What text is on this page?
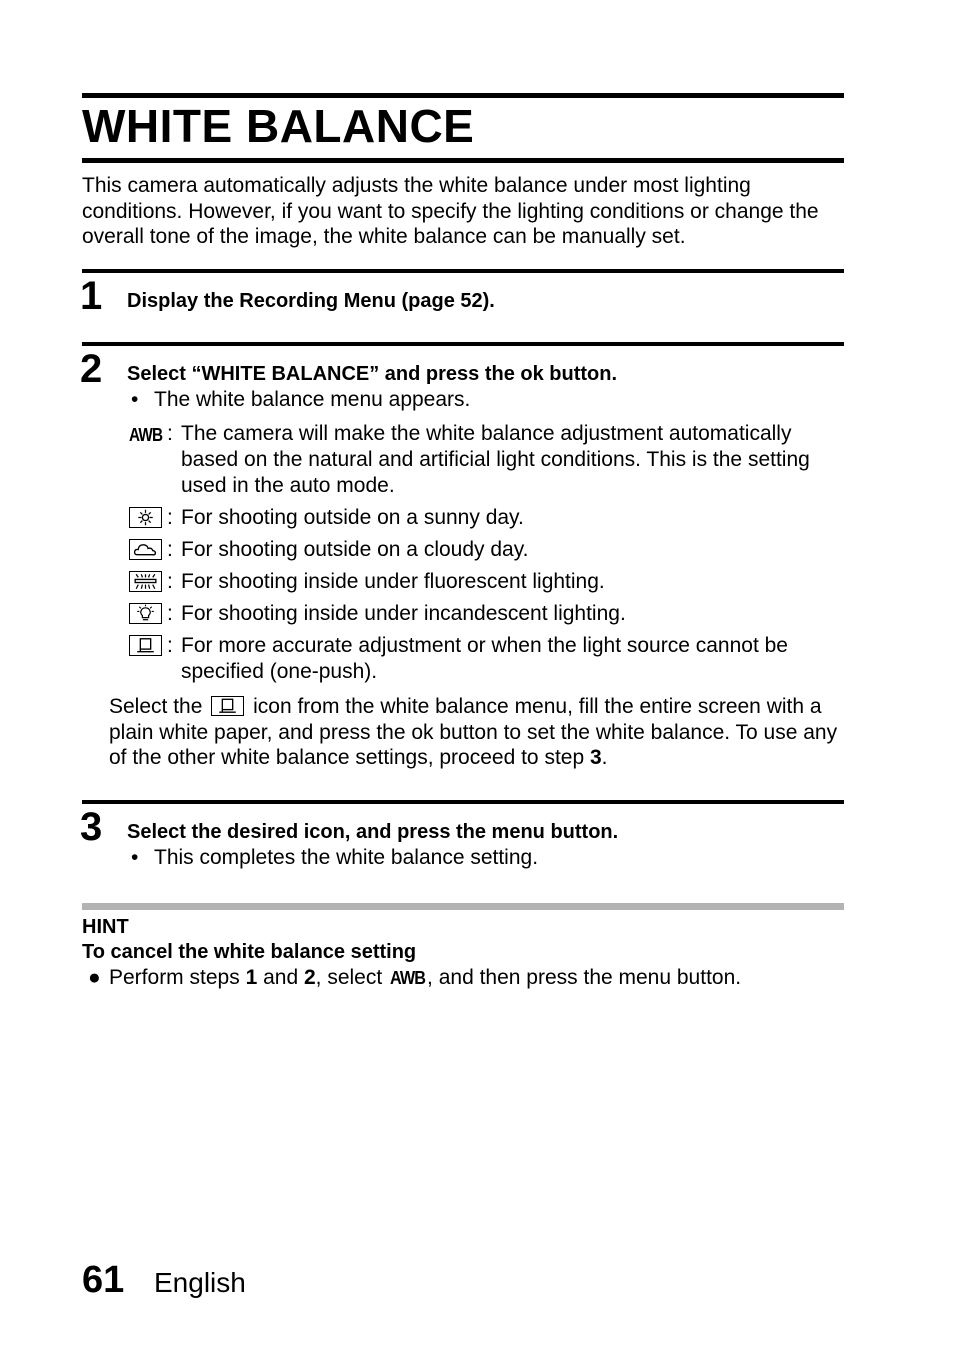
WHITE BALANCE

This camera automatically adjusts the white balance under most lighting conditions. However, if you want to specify the lighting conditions or change the overall tone of the image, the white balance can be manually set.

1 Display the Recording Menu (page 52).
2 Select “WHITE BALANCE” and press the ok button.
• The white balance menu appears.
AWB : The camera will make the white balance adjustment automatically based on the natural and artificial light conditions. This is the setting used in the auto mode.
: For shooting outside on a sunny day.
: For shooting outside on a cloudy day.
: For shooting inside under fluorescent lighting.
: For shooting inside under incandescent lighting.
: For more accurate adjustment or when the light source cannot be specified (one-push).

Select the icon from the white balance menu, fill the entire screen with a plain white paper, and press the ok button to set the white balance. To use any of the other white balance settings, proceed to step 3.

3 Select the desired icon, and press the menu button.
• This completes the white balance setting.
HINT
To cancel the white balance setting
● Perform steps 1 and 2, select AWB, and then press the menu button.
61 English
